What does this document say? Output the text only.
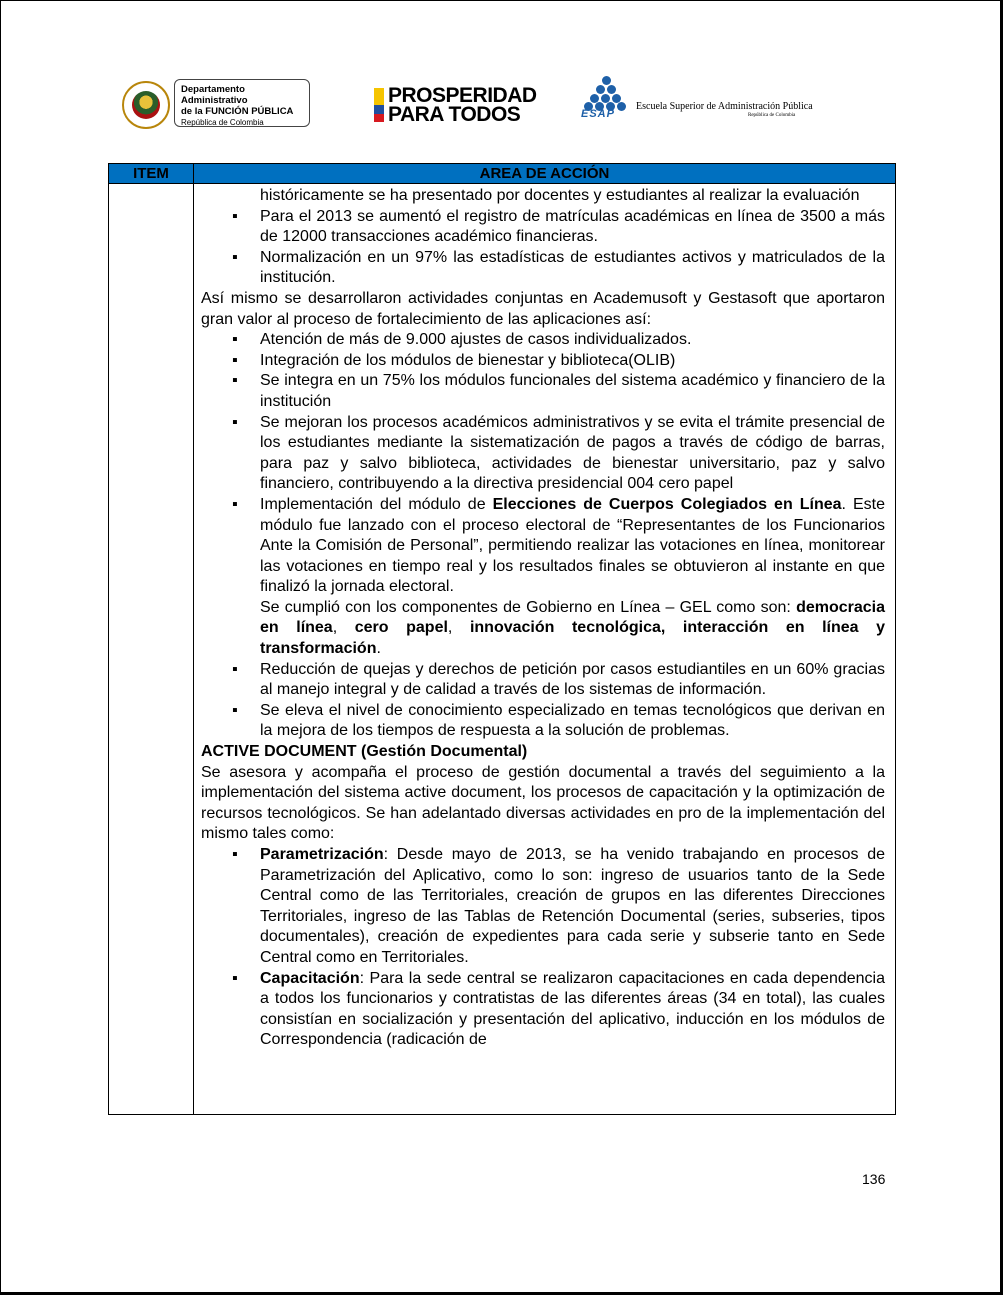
Departamento Administrativo
de la FUNCIÓN PÚBLICA
República de Colombia
PROSPERIDAD
PARA TODOS	ESAP
Escuela Superior de Administración Pública
República de Colombia
ITEM	AREA DE ACCIÓN
históricamente se ha presentado por docentes y estudiantes al realizar la evaluación
▪ Para el 2013 se aumentó el registro de matrículas académicas en línea de 3500 a más de 12000 transacciones académico financieras.
▪ Normalización en un 97% las estadísticas de estudiantes activos y matriculados de la institución.
Así mismo se desarrollaron actividades conjuntas en Academusoft y Gestasoft que aportaron gran valor al proceso de fortalecimiento de las aplicaciones así:
▪ Atención de más de 9.000 ajustes de casos individualizados.
▪ Integración de los módulos de bienestar y biblioteca(OLIB)
▪ Se integra en un 75% los módulos funcionales del sistema académico y financiero de la institución
▪ Se mejoran los procesos académicos administrativos y se evita el trámite presencial de los estudiantes mediante la sistematización de pagos a través de código de barras, para paz y salvo biblioteca, actividades de bienestar universitario, paz y salvo financiero, contribuyendo a la directiva presidencial 004 cero papel
▪ Implementación del módulo de Elecciones de Cuerpos Colegiados en Línea. Este módulo fue lanzado con el proceso electoral de “Representantes de los Funcionarios Ante la Comisión de Personal”, permitiendo realizar las votaciones en línea, monitorear las votaciones en tiempo real y los resultados finales se obtuvieron al instante en que finalizó la jornada electoral.
Se cumplió con los componentes de Gobierno en Línea – GEL como son: democracia en línea, cero papel, innovación tecnológica, interacción en línea y transformación.
▪ Reducción de quejas y derechos de petición por casos estudiantiles en un 60% gracias al manejo integral y de calidad a través de los sistemas de información.
▪ Se eleva el nivel de conocimiento especializado en temas tecnológicos que derivan en la mejora de los tiempos de respuesta a la solución de problemas.
ACTIVE DOCUMENT (Gestión Documental)
Se asesora y acompaña el proceso de gestión documental a través del seguimiento a la implementación del sistema active document, los procesos de capacitación y la optimización de recursos tecnológicos. Se han adelantado diversas actividades en pro de la implementación del mismo tales como:
▪ Parametrización: Desde mayo de 2013, se ha venido trabajando en procesos de Parametrización del Aplicativo, como lo son: ingreso de usuarios tanto de la Sede Central como de las Territoriales, creación de grupos en las diferentes Direcciones Territoriales, ingreso de las Tablas de Retención Documental (series, subseries, tipos documentales), creación de expedientes para cada serie y subserie tanto en Sede Central como en Territoriales.
▪ Capacitación: Para la sede central se realizaron capacitaciones en cada dependencia a todos los funcionarios y contratistas de las diferentes áreas (34 en total), las cuales consistían en socialización y presentación del aplicativo, inducción en los módulos de Correspondencia (radicación de
136
